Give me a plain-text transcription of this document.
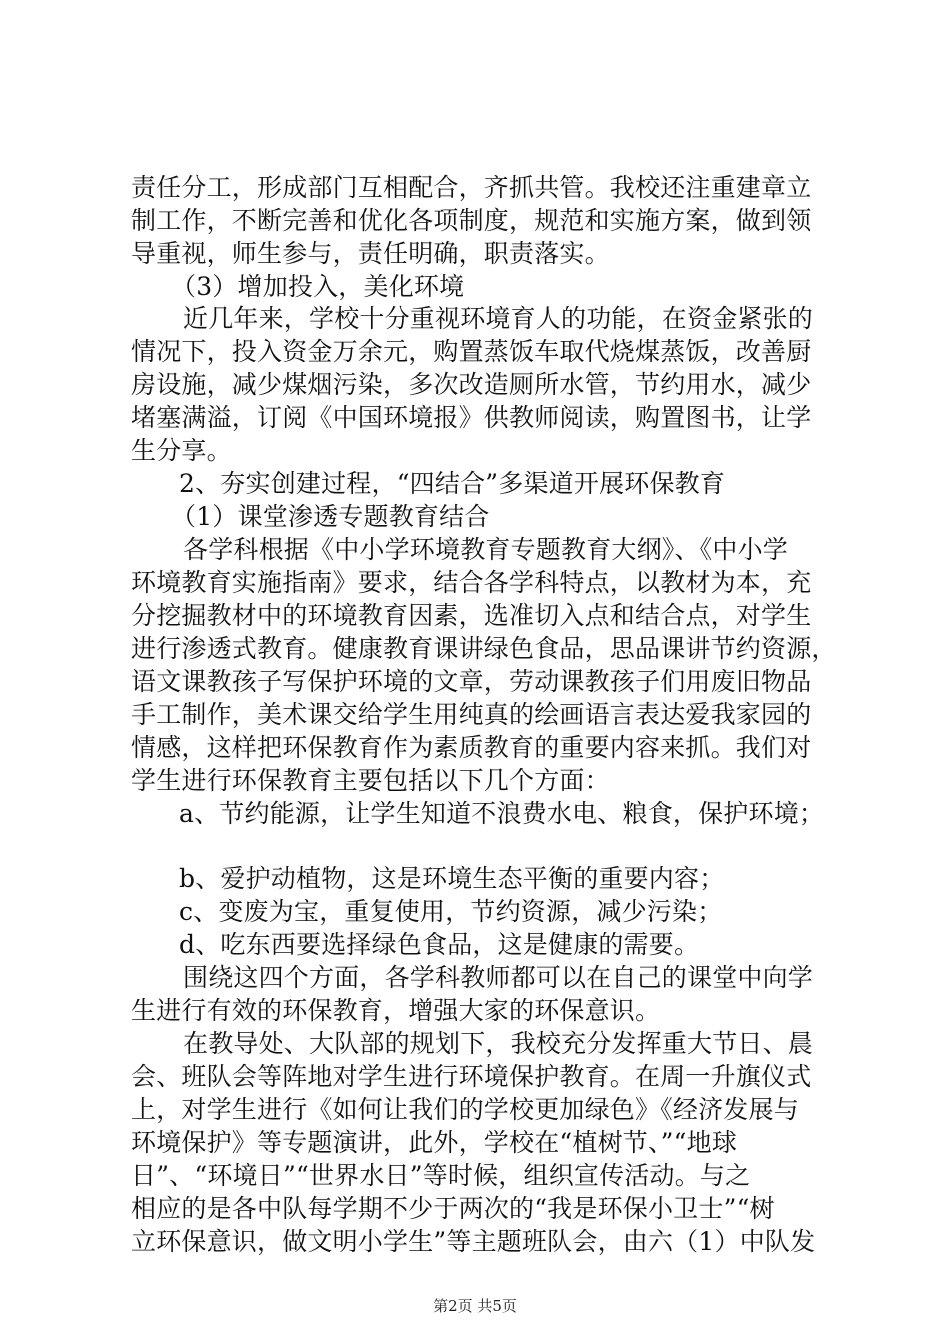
责任分工，形成部门互相配合，齐抓共管。我校还注重建章立
制工作，不断完善和优化各项制度，规范和实施方案，做到领
导重视，师生参与，责任明确，职责落实。
（3）增加投入，美化环境
近几年来，学校十分重视环境育人的功能，在资金紧张的
情况下，投入资金万余元，购置蒸饭车取代烧煤蒸饭，改善厨
房设施，减少煤烟污染，多次改造厕所水管，节约用水，减少
堵塞满溢，订阅《中国环境报》供教师阅读，购置图书，让学
生分享。
2、夯实创建过程，“四结合”多渠道开展环保教育
（1）课堂渗透专题教育结合
各学科根据《中小学环境教育专题教育大纲》、《中小学
环境教育实施指南》要求，结合各学科特点，以教材为本，充
分挖掘教材中的环境教育因素，选准切入点和结合点，对学生
进行渗透式教育。健康教育课讲绿色食品，思品课讲节约资源，
语文课教孩子写保护环境的文章，劳动课教孩子们用废旧物品
手工制作，美术课交给学生用纯真的绘画语言表达爱我家园的
情感，这样把环保教育作为素质教育的重要内容来抓。我们对
学生进行环保教育主要包括以下几个方面：
a、节约能源，让学生知道不浪费水电、粮食，保护环境；
b、爱护动植物，这是环境生态平衡的重要内容；
c、变废为宝，重复使用，节约资源，减少污染；
d、吃东西要选择绿色食品，这是健康的需要。
围绕这四个方面，各学科教师都可以在自己的课堂中向学
生进行有效的环保教育，增强大家的环保意识。
在教导处、大队部的规划下，我校充分发挥重大节日、晨
会、班队会等阵地对学生进行环境保护教育。在周一升旗仪式
上，对学生进行《如何让我们的学校更加绿色》《经济发展与
环境保护》等专题演讲，此外，学校在“植树节、”“地球
日”、“环境日”“世界水日”等时候，组织宣传活动。与之
相应的是各中队每学期不少于两次的“我是环保小卫士”“树
立环保意识，做文明小学生”等主题班队会，由六（1）中队发
第2页 共5页
